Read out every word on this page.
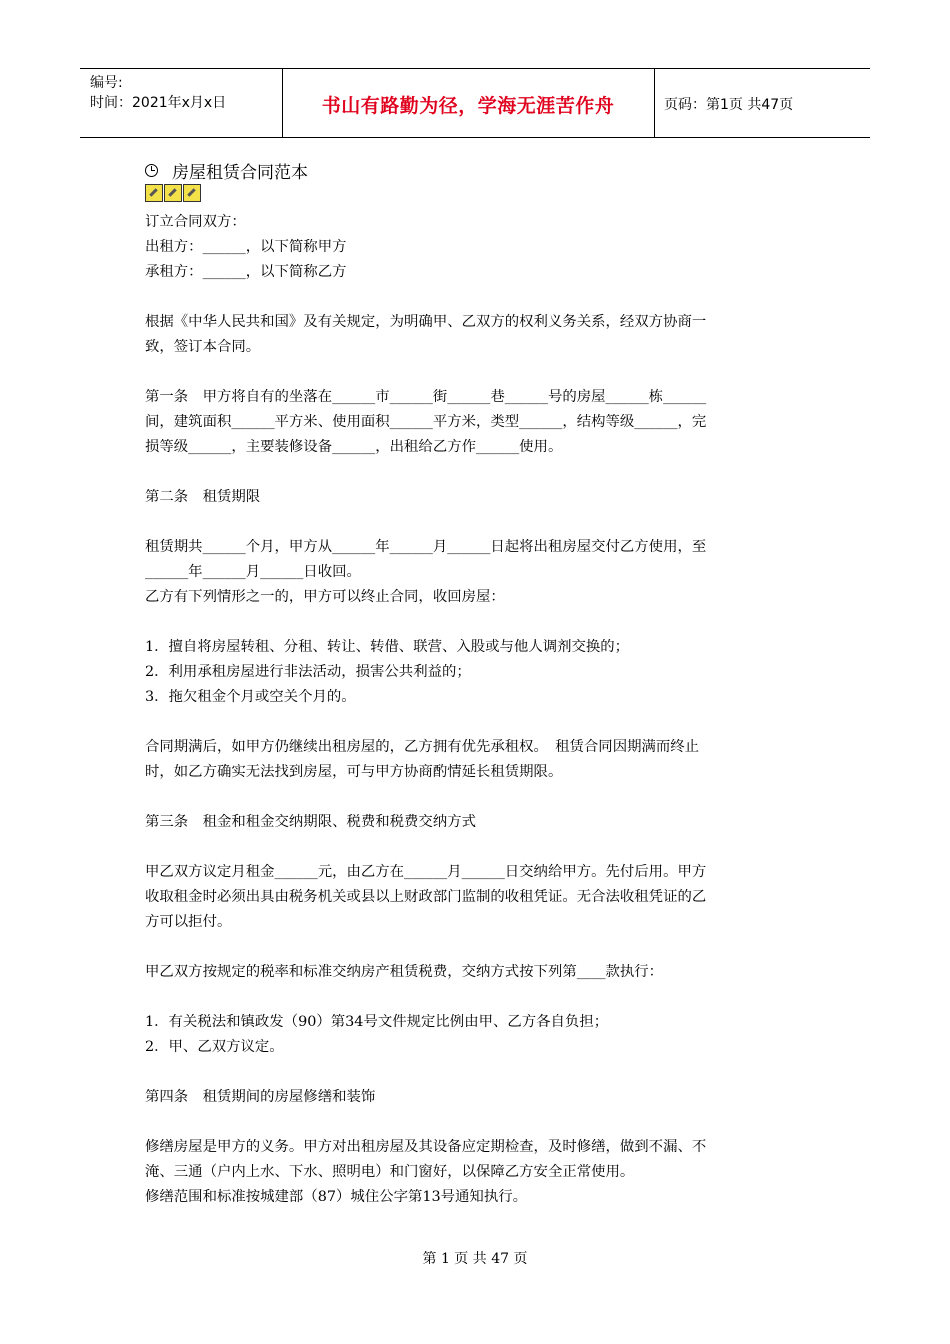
编号:
时间：2021年x月x日	书山有路勤为径，学海无涯苦作舟	页码：第1页 共47页
房屋租赁合同范本

订立合同双方：

出租方：______，以下简称甲方

承租方：______，以下简称乙方

根据《中华人民共和国》及有关规定，为明确甲、乙双方的权利义务关系，经双方协商一

致，签订本合同。

第一条　甲方将自有的坐落在______市______街______巷______号的房屋______栋______

间，建筑面积______平方米、使用面积______平方米，类型______，结构等级______，完

损等级______，主要装修设备______，出租给乙方作______使用。

第二条　租赁期限

租赁期共______个月，甲方从______年______月______日起将出租房屋交付乙方使用，至

______年______月______日收回。

乙方有下列情形之一的，甲方可以终止合同，收回房屋：

1．擅自将房屋转租、分租、转让、转借、联营、入股或与他人调剂交换的；

2．利用承租房屋进行非法活动，损害公共利益的；

3．拖欠租金个月或空关个月的。

合同期满后，如甲方仍继续出租房屋的，乙方拥有优先承租权。　租赁合同因期满而终止

时，如乙方确实无法找到房屋，可与甲方协商酌情延长租赁期限。

第三条　租金和租金交纳期限、税费和税费交纳方式

甲乙双方议定月租金______元，由乙方在______月______日交纳给甲方。先付后用。甲方

收取租金时必须出具由税务机关或县以上财政部门监制的收租凭证。无合法收租凭证的乙

方可以拒付。

甲乙双方按规定的税率和标准交纳房产租赁税费，交纳方式按下列第____款执行：

1．有关税法和镇政发（90）第34号文件规定比例由甲、乙方各自负担；

2．甲、乙双方议定。

第四条　租赁期间的房屋修缮和装饰

修缮房屋是甲方的义务。甲方对出租房屋及其设备应定期检查，及时修缮，做到不漏、不

淹、三通（户内上水、下水、照明电）和门窗好，以保障乙方安全正常使用。

修缮范围和标准按城建部（87）城住公字第13号通知执行。

第 1 页 共 47 页
